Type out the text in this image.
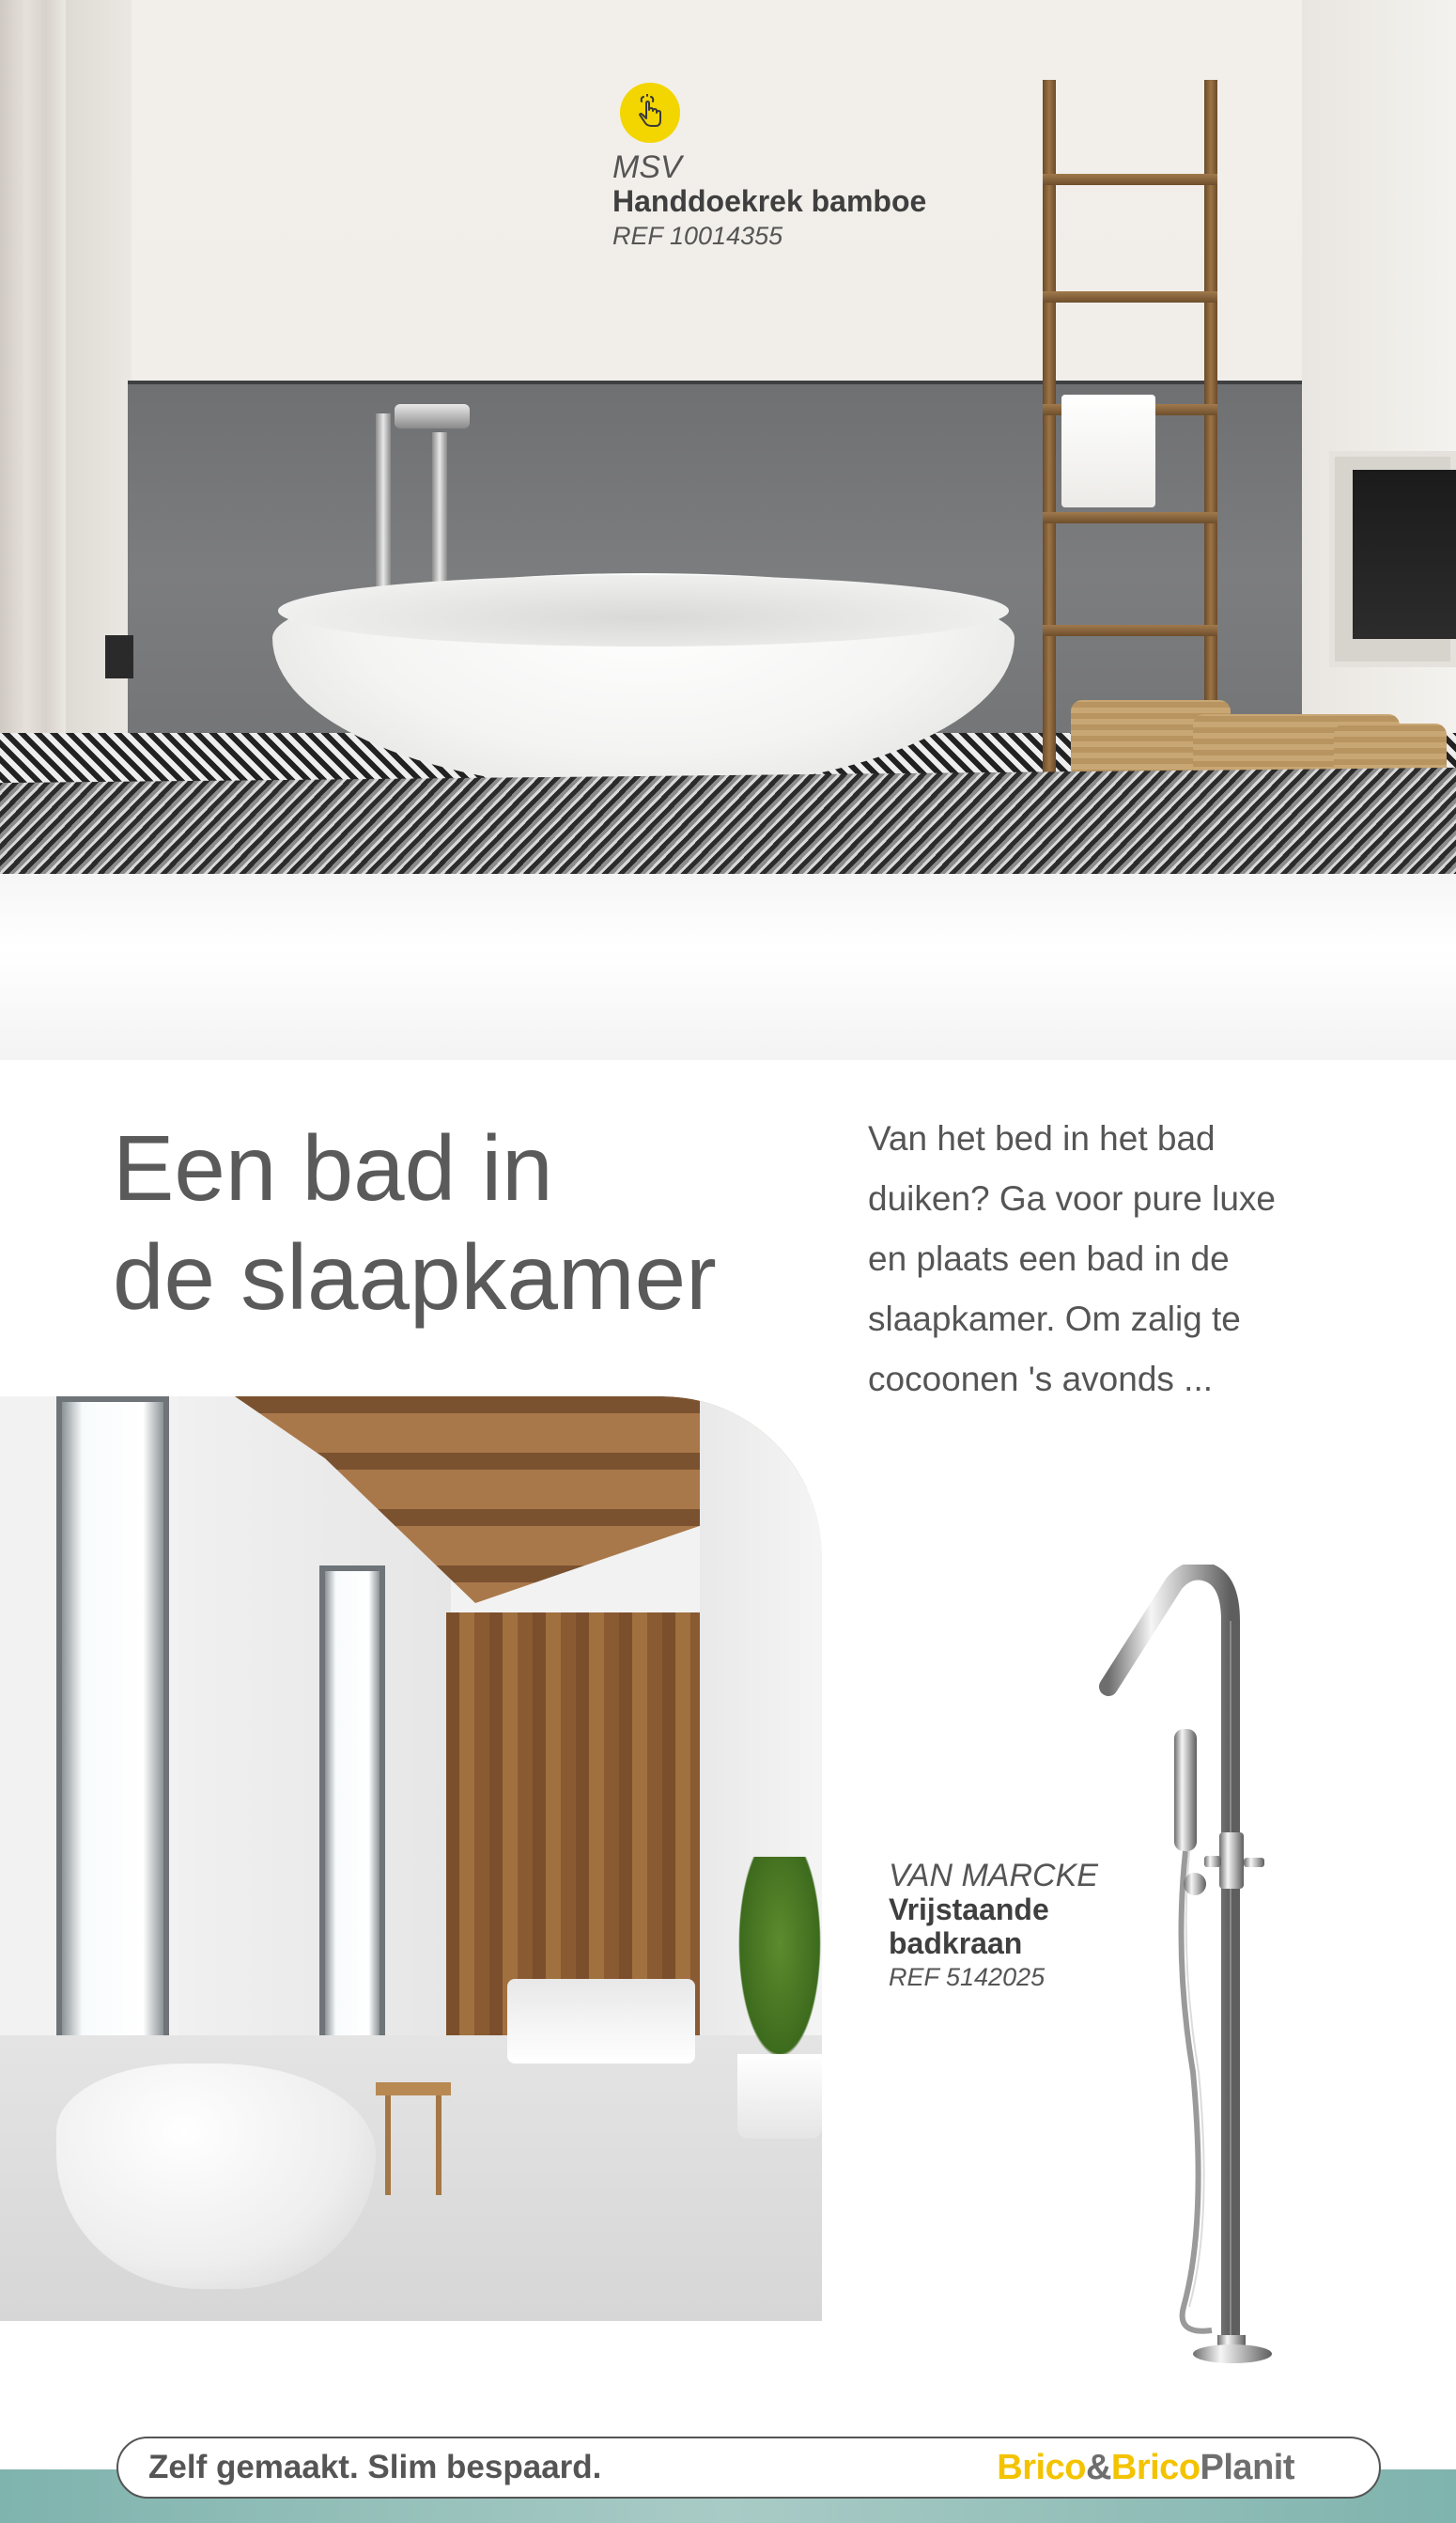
MSV
Handdoekrek bamboe
REF 10014355
Een bad in
de slaapkamer
Van het bed in het bad
duiken? Ga voor pure luxe
en plaats een bad in de
slaapkamer. Om zalig te
cocoonen 's avonds ...
VAN MARCKE
Vrijstaande
badkraan
REF 5142025
Zelf gemaakt. Slim bespaard.	Brico&BricoPlanit
